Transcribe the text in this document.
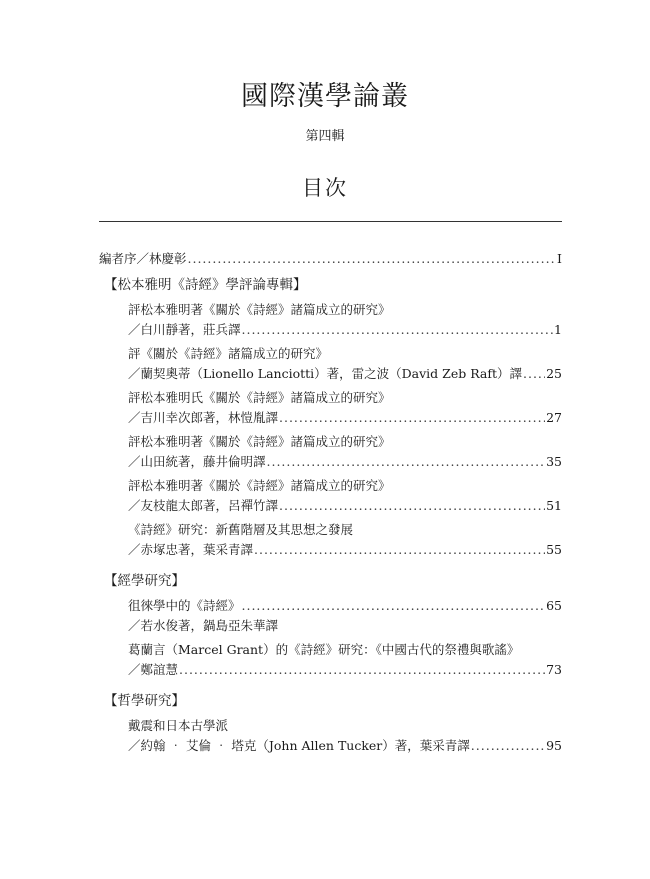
國際漢學論叢
第四輯
目次
編者序／林慶彰 .....	I
【松本雅明《詩經》學評論專輯】
評松本雅明著《關於《詩經》諸篇成立的研究》
／白川靜著，莊兵譯 .....	1
評《關於《詩經》諸篇成立的研究》
／蘭契奧蒂（Lionello Lanciotti）著，雷之波（David Zeb Raft）譯 ..... 25
評松本雅明氏《關於《詩經》諸篇成立的研究》
／吉川幸次郎著，林愷胤譯 .....	27
評松本雅明著《關於《詩經》諸篇成立的研究》
／山田統著，藤井倫明譯 .....	35
評松本雅明著《關於《詩經》諸篇成立的研究》
／友枝龍太郎著，呂禪竹譯 .....	51
《詩經》研究：新舊階層及其思想之發展
／赤塚忠著，葉采青譯 .....	55
【經學研究】
徂徠學中的《詩經》 .....	65
／若水俊著，鍋島亞朱華譯
葛蘭言（Marcel Grant）的《詩經》研究：《中國古代的祭禮與歌謠》
／鄭誼慧 .....	73
【哲學研究】
戴震和日本古學派
／約翰 ‧ 艾倫 ‧ 塔克（John Allen Tucker）著，葉采青譯 .....	95
